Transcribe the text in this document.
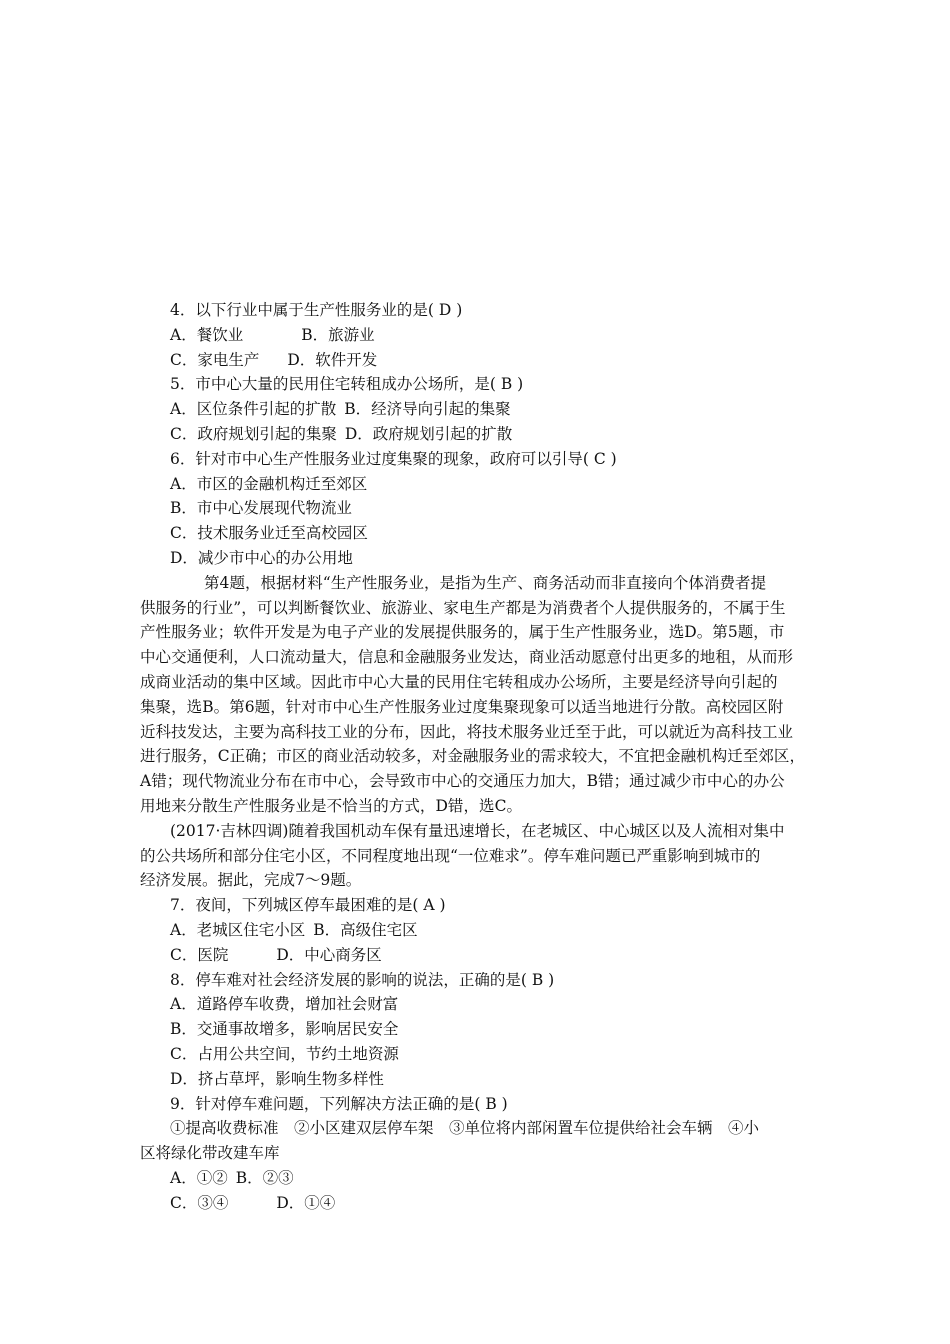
4．以下行业中属于生产性服务业的是( D )
A．餐饮业	B．旅游业
C．家电生产 D．软件开发
5．市中心大量的民用住宅转租成办公场所，是( B )
A．区位条件引起的扩散 B．经济导向引起的集聚
C．政府规划引起的集聚 D．政府规划引起的扩散
6．针对市中心生产性服务业过度集聚的现象，政府可以引导( C )
A．市区的金融机构迁至郊区
B．市中心发展现代物流业
C．技术服务业迁至高校园区
D．减少市中心的办公用地
第4题，根据材料“生产性服务业，是指为生产、商务活动而非直接向个体消费者提
供服务的行业”，可以判断餐饮业、旅游业、家电生产都是为消费者个人提供服务的，不属于生
产性服务业；软件开发是为电子产业的发展提供服务的，属于生产性服务业，选D。第5题，市
中心交通便利，人口流动量大，信息和金融服务业发达，商业活动愿意付出更多的地租，从而形
成商业活动的集中区域。因此市中心大量的民用住宅转租成办公场所，主要是经济导向引起的
集聚，选B。第6题，针对市中心生产性服务业过度集聚现象可以适当地进行分散。高校园区附
近科技发达，主要为高科技工业的分布，因此，将技术服务业迁至于此，可以就近为高科技工业
进行服务，C正确；市区的商业活动较多，对金融服务业的需求较大，不宜把金融机构迁至郊区，
A错；现代物流业分布在市中心，会导致市中心的交通压力加大，B错；通过减少市中心的办公
用地来分散生产性服务业是不恰当的方式，D错，选C。
(2017·吉林四调)随着我国机动车保有量迅速增长，在老城区、中心城区以及人流相对集中
的公共场所和部分住宅小区，不同程度地出现“一位难求”。停车难问题已严重影响到城市的
经济发展。据此，完成7～9题。
7．夜间，下列城区停车最困难的是( A )
A．老城区住宅小区 B．高级住宅区
C．医院	D．中心商务区
8．停车难对社会经济发展的影响的说法，正确的是( B )
A．道路停车收费，增加社会财富
B．交通事故增多，影响居民安全
C．占用公共空间，节约土地资源
D．挤占草坪，影响生物多样性
9．针对停车难问题，下列解决方法正确的是( B )
①提高收费标准　②小区建双层停车架　③单位将内部闲置车位提供给社会车辆　④小
区将绿化带改建车库
A．①② B．②③
C．③④	D．①④
